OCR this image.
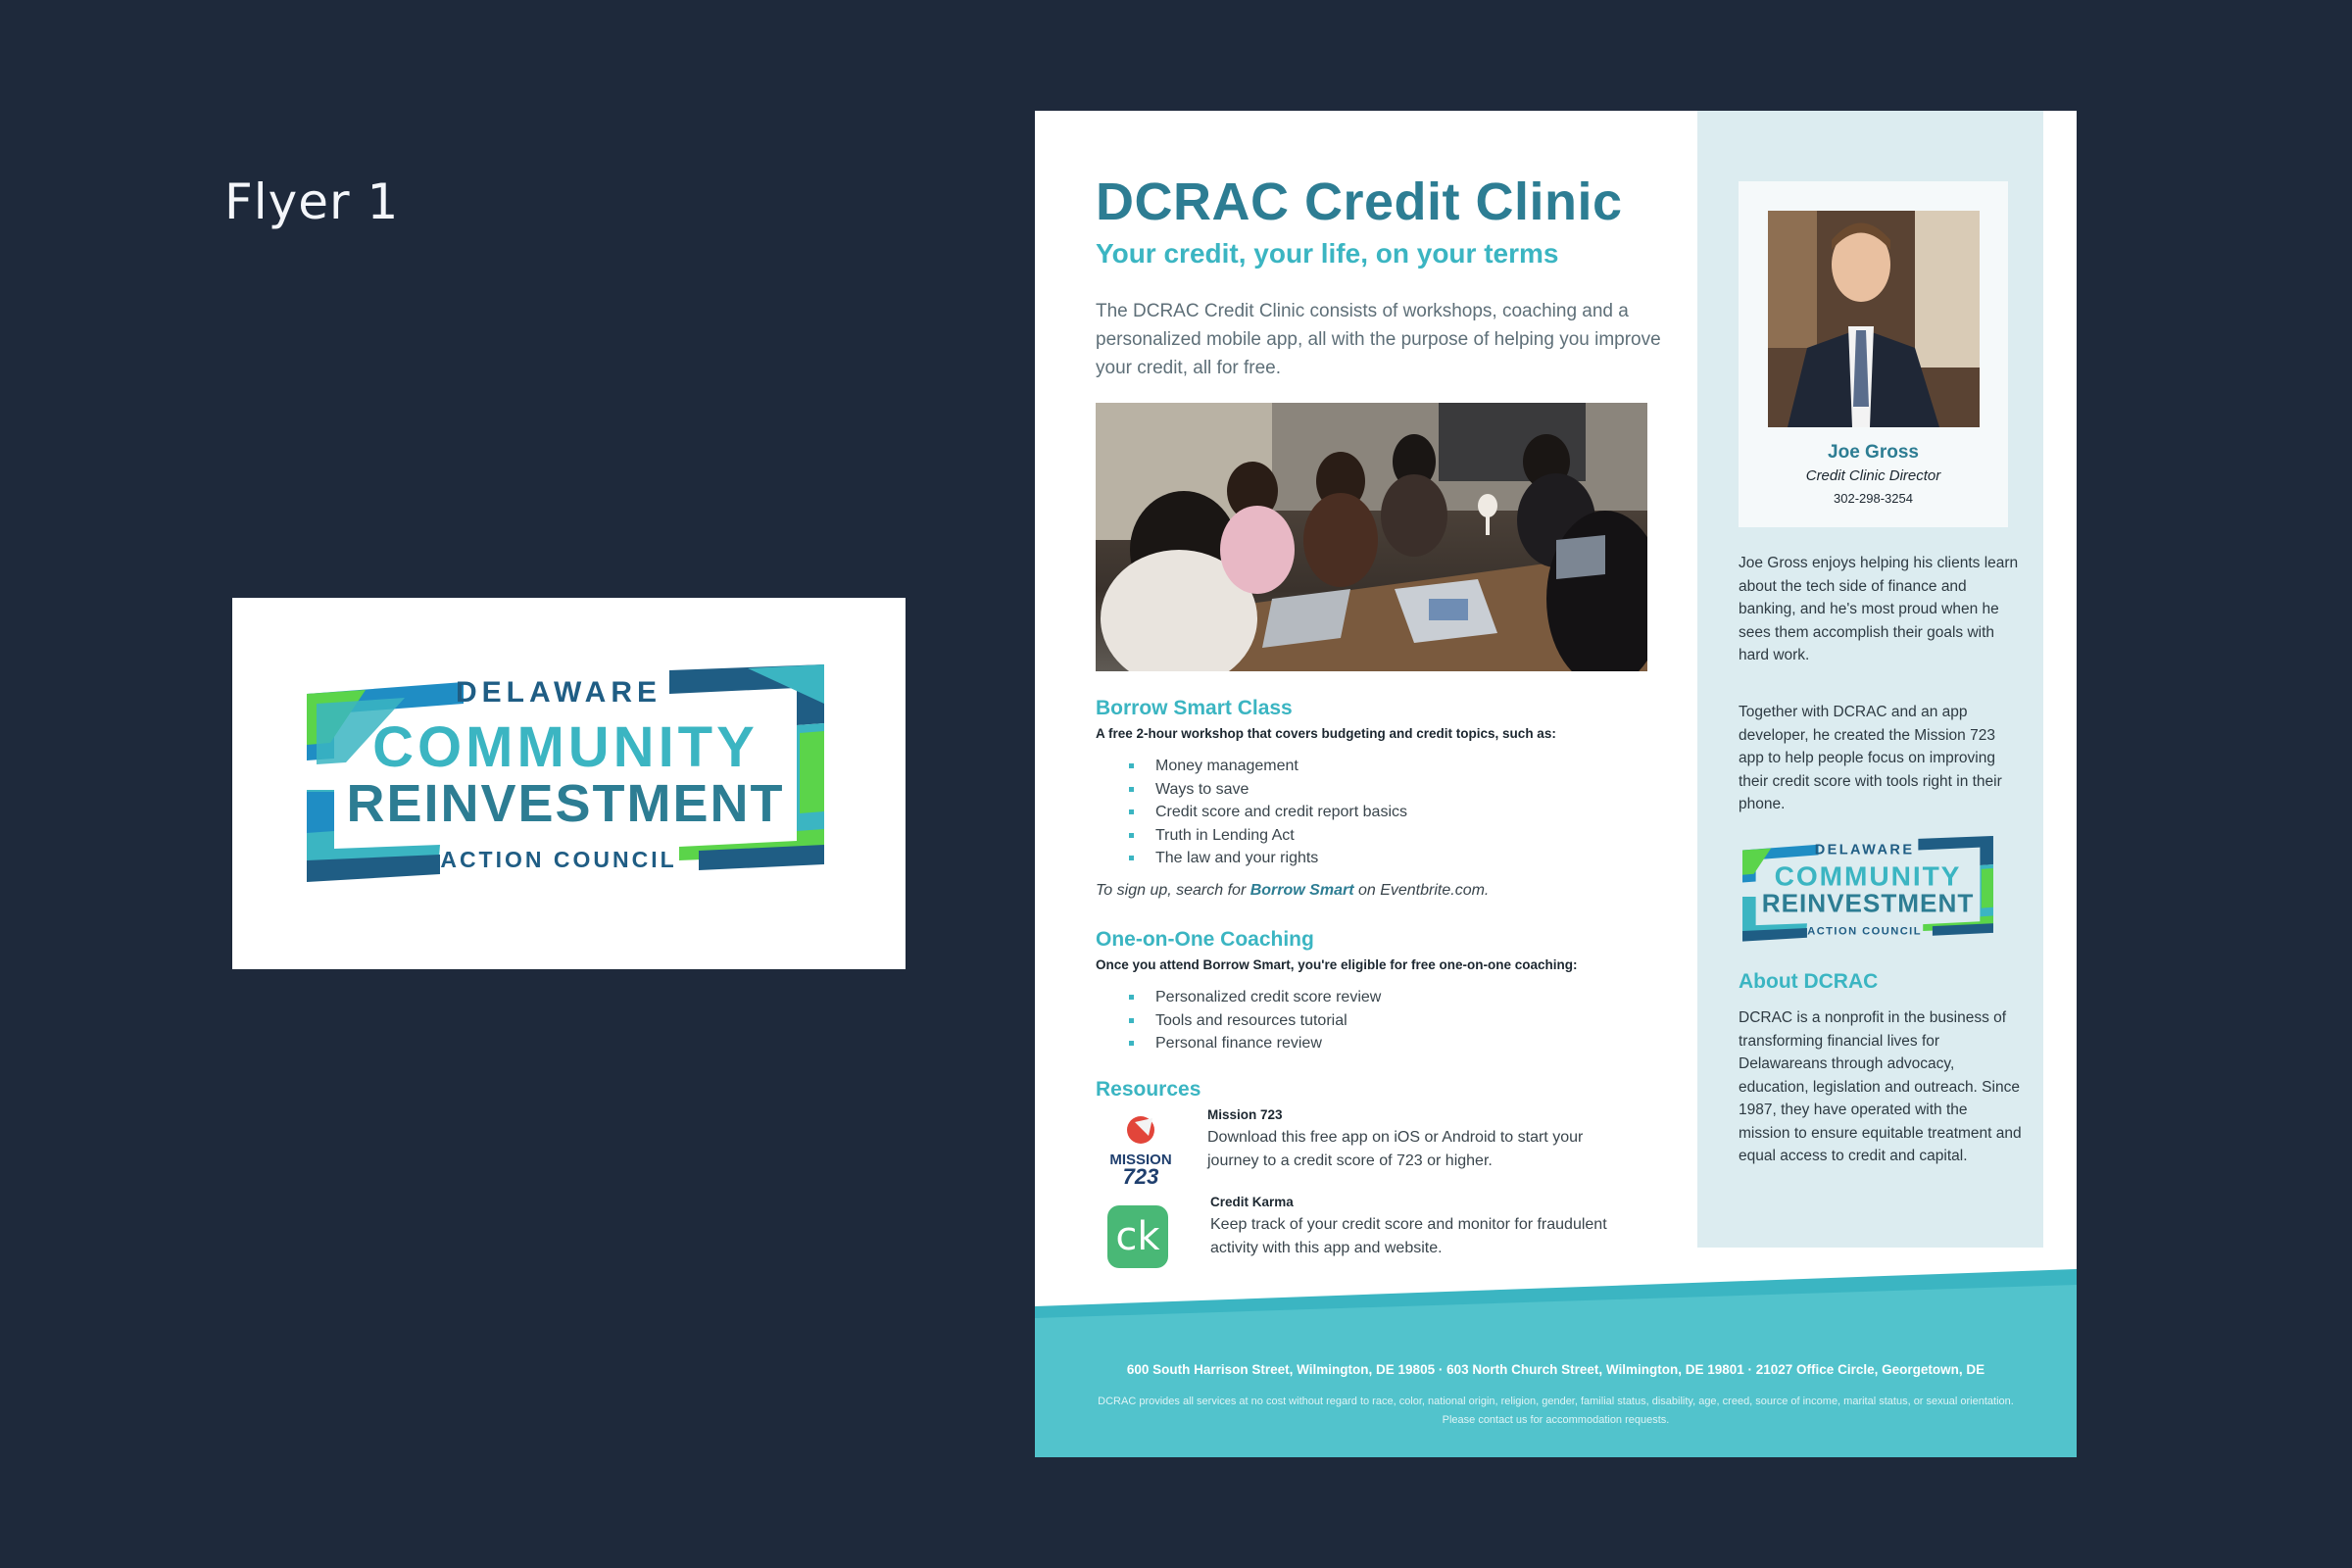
Flyer 1
DELAWARE
COMMUNITY
REINVESTMENT
ACTION COUNCIL
DCRAC Credit Clinic
Your credit, your life, on your terms
The DCRAC Credit Clinic consists of workshops, coaching and a personalized mobile app, all with the purpose of helping you improve your credit, all for free.
Borrow Smart Class
A free 2-hour workshop that covers budgeting and credit topics, such as:
Money management
Ways to save
Credit score and credit report basics
Truth in Lending Act
The law and your rights
To sign up, search for Borrow Smart on Eventbrite.com.
One-on-One Coaching
Once you attend Borrow Smart, you're eligible for free one-on-one coaching:
Personalized credit score review
Tools and resources tutorial
Personal finance review
Resources
MISSION
723
Mission 723
Download this free app on iOS or Android to start your journey to a credit score of 723 or higher.
ck
Credit Karma
Keep track of your credit score and monitor for fraudulent activity with this app and website.
Joe Gross
Credit Clinic Director
302-298-3254
Joe Gross enjoys helping his clients learn about the tech side of finance and banking, and he's most proud when he sees them accomplish their goals with hard work.
Together with DCRAC and an app developer, he created the Mission 723 app to help people focus on improving their credit score with tools right in their phone.
DELAWARE
COMMUNITY
REINVESTMENT
ACTION COUNCIL
About DCRAC
DCRAC is a nonprofit in the business of transforming financial lives for Delawareans through advocacy, education, legislation and outreach. Since 1987, they have operated with the mission to ensure equitable treatment and equal access to credit and capital.
600 South Harrison Street, Wilmington, DE 19805 · 603 North Church Street, Wilmington, DE 19801 · 21027 Office Circle, Georgetown, DE
DCRAC provides all services at no cost without regard to race, color, national origin, religion, gender, familial status, disability, age, creed, source of income, marital status, or sexual orientation. Please contact us for accommodation requests.
